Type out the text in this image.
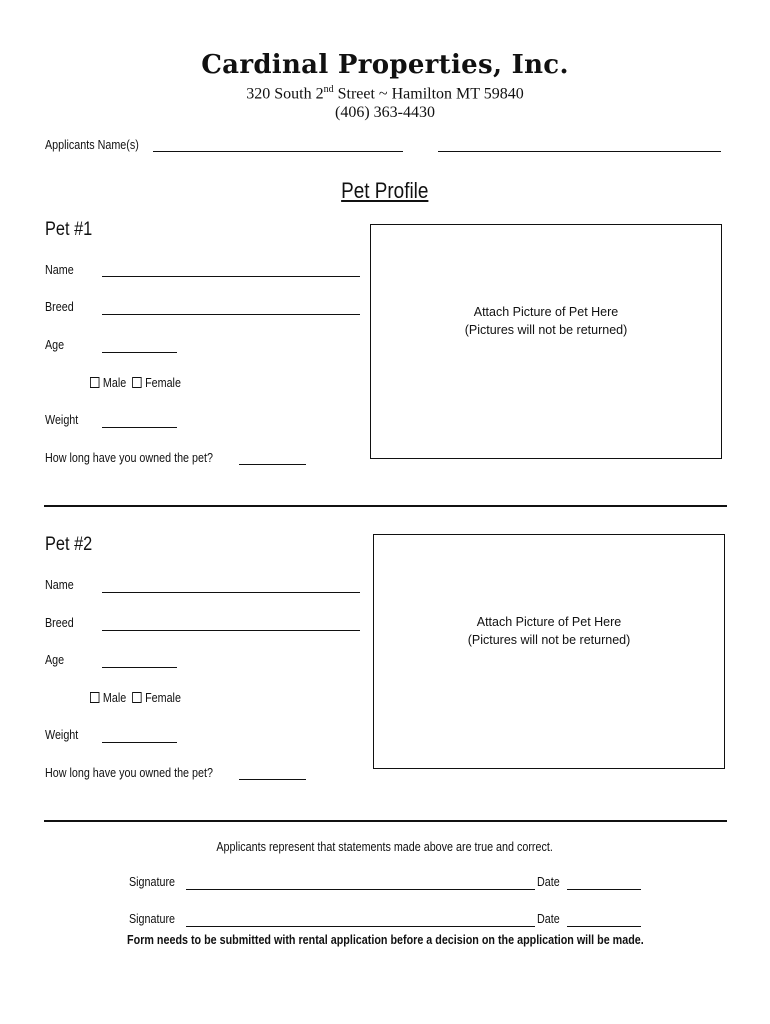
Cardinal Properties, Inc.
320 South 2nd Street ~ Hamilton MT 59840
(406) 363-4430
Applicants Name(s)
Pet Profile
Pet #1
Name
Breed
Age
Male Female
Weight
How long have you owned the pet?
Attach Picture of Pet Here
(Pictures will not be returned)
Pet #2
Name
Breed
Age
Male Female
Weight
How long have you owned the pet?
Attach Picture of Pet Here
(Pictures will not be returned)
Applicants represent that statements made above are true and correct.
Signature	Date
Signature	Date
Form needs to be submitted with rental application before a decision on the application will be made.
